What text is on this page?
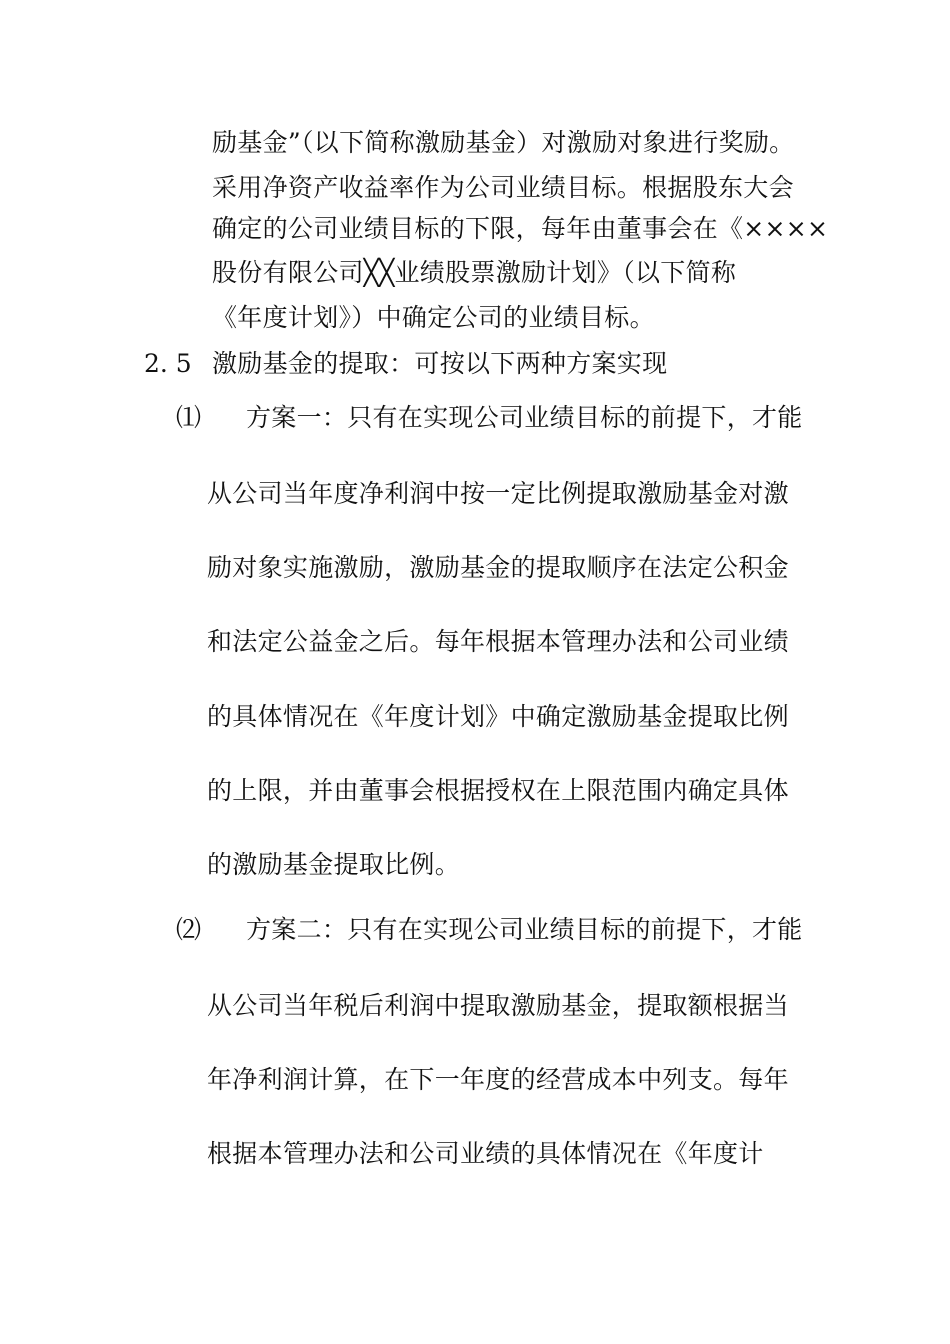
励基金”（以下简称激励基金）对激励对象进行奖励。
采用净资产收益率作为公司业绩目标。根据股东大会
确定的公司业绩目标的下限，每年由董事会在《××××
股份有限公司╳╳业绩股票激励计划》（以下简称
《年度计划》）中确定公司的业绩目标。
2. 5 激励基金的提取：可按以下两种方案实现
⑴ 方案一：只有在实现公司业绩目标的前提下，才能
从公司当年度净利润中按一定比例提取激励基金对激
励对象实施激励，激励基金的提取顺序在法定公积金
和法定公益金之后。每年根据本管理办法和公司业绩
的具体情况在《年度计划》中确定激励基金提取比例
的上限，并由董事会根据授权在上限范围内确定具体
的激励基金提取比例。
⑵ 方案二：只有在实现公司业绩目标的前提下，才能
从公司当年税后利润中提取激励基金，提取额根据当
年净利润计算，在下一年度的经营成本中列支。每年
根据本管理办法和公司业绩的具体情况在《年度计
